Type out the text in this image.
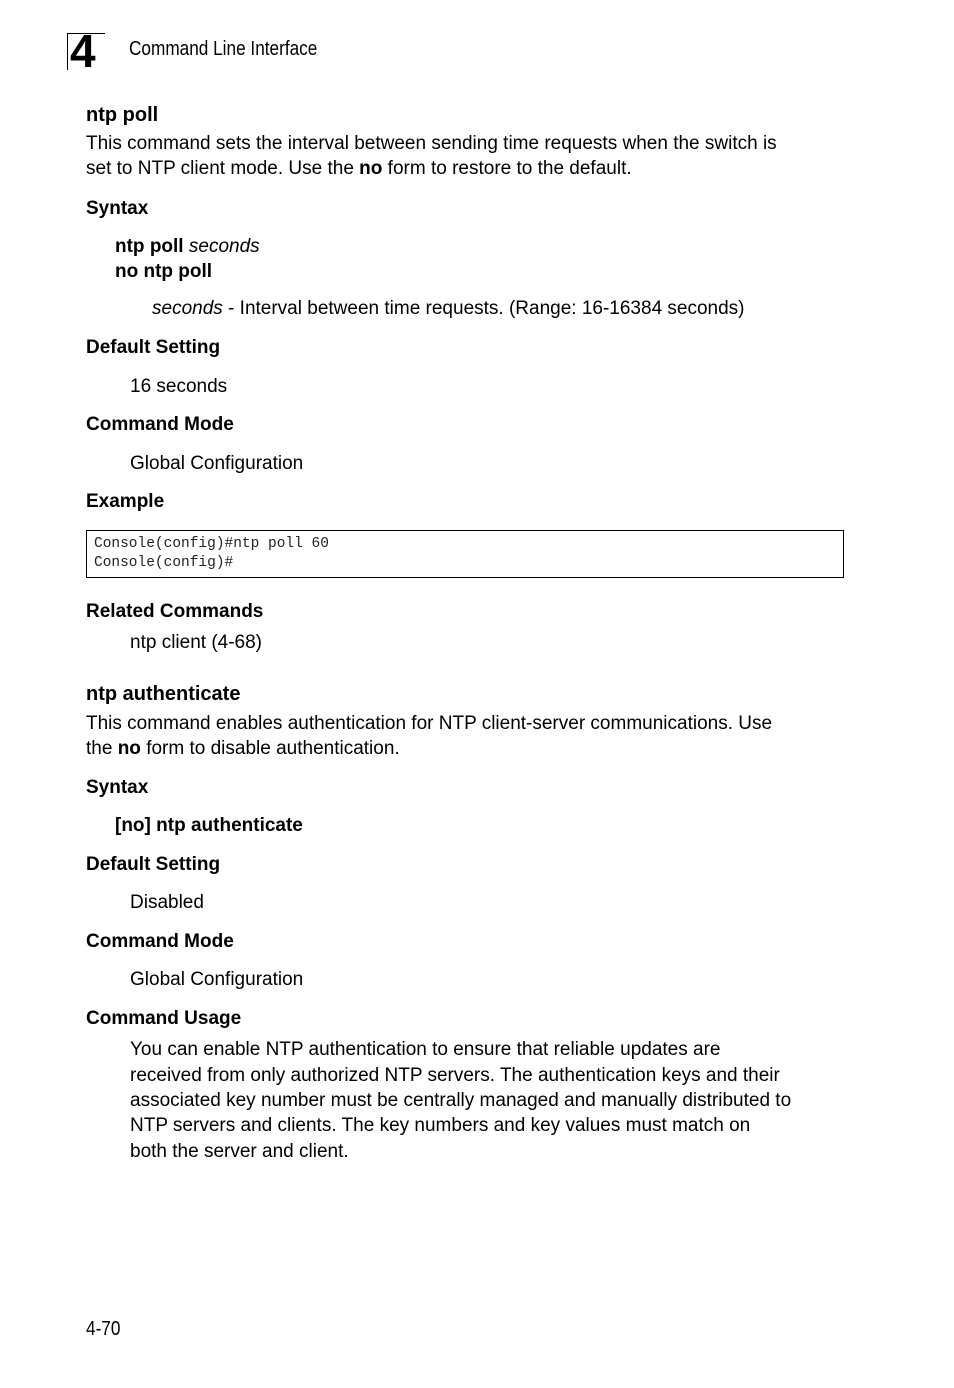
4 Command Line Interface
ntp poll
This command sets the interval between sending time requests when the switch is
set to NTP client mode. Use the no form to restore to the default.
Syntax
ntp poll seconds
no ntp poll
seconds - Interval between time requests. (Range: 16-16384 seconds)
Default Setting
16 seconds
Command Mode
Global Configuration
Example
Console(config)#ntp poll 60
Console(config)#
Related Commands
ntp client (4-68)
ntp authenticate
This command enables authentication for NTP client-server communications. Use
the no form to disable authentication.
Syntax
[no] ntp authenticate
Default Setting
Disabled
Command Mode
Global Configuration
Command Usage
You can enable NTP authentication to ensure that reliable updates are
received from only authorized NTP servers. The authentication keys and their
associated key number must be centrally managed and manually distributed to
NTP servers and clients. The key numbers and key values must match on
both the server and client.
4-70
